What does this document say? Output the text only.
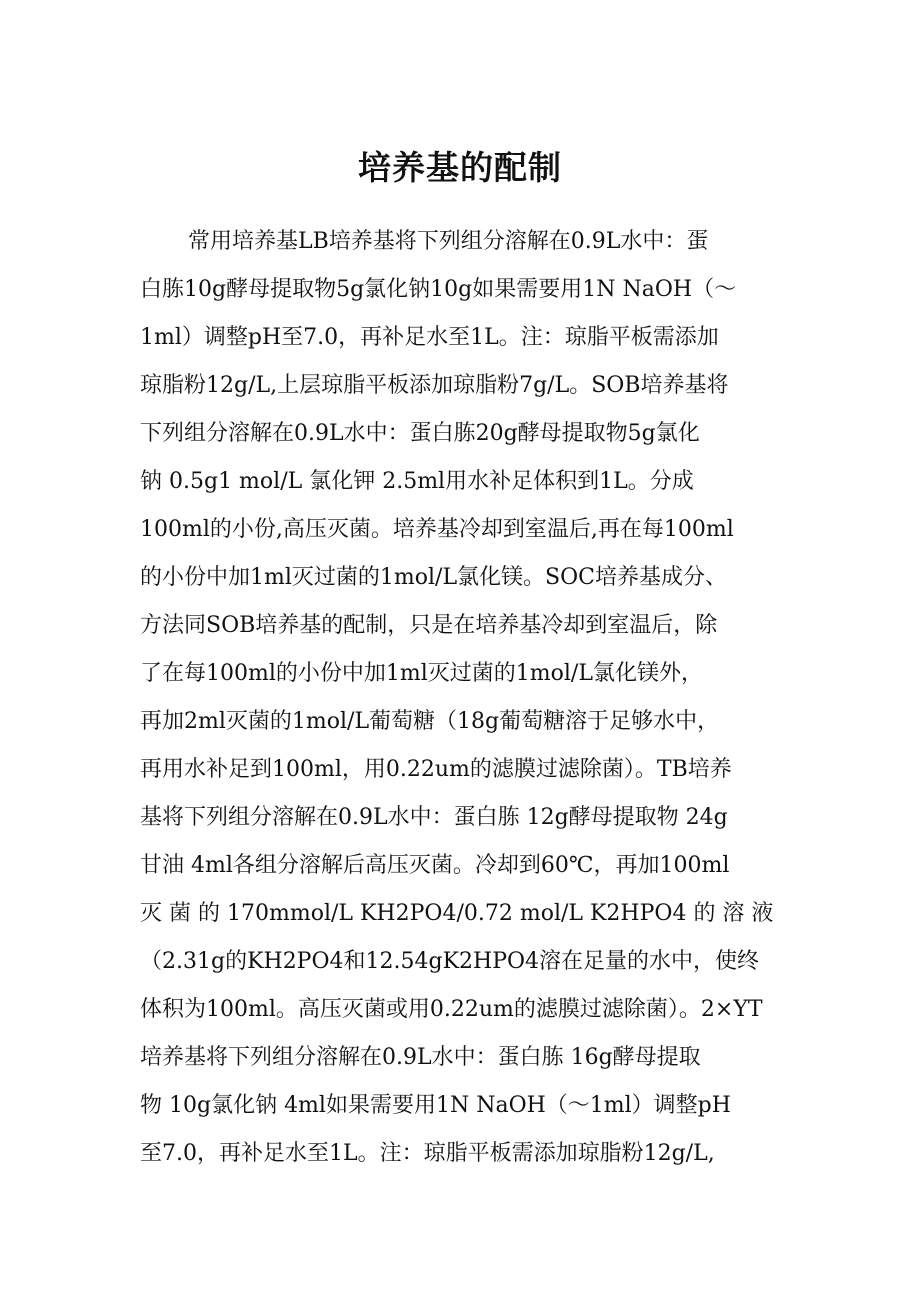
培养基的配制
常用培养基LB培养基将下列组分溶解在0.9L水中：蛋
白胨10g酵母提取物5g氯化钠10g如果需要用1N NaOH（～
1ml）调整pH至7.0，再补足水至1L。注：琼脂平板需添加
琼脂粉12g/L,上层琼脂平板添加琼脂粉7g/L。SOB培养基将
下列组分溶解在0.9L水中：蛋白胨20g酵母提取物5g氯化
钠 0.5g1 mol/L 氯化钾 2.5ml用水补足体积到1L。分成
100ml的小份,高压灭菌。培养基冷却到室温后,再在每100ml
的小份中加1ml灭过菌的1mol/L氯化镁。SOC培养基成分、
方法同SOB培养基的配制，只是在培养基冷却到室温后，除
了在每100ml的小份中加1ml灭过菌的1mol/L氯化镁外，
再加2ml灭菌的1mol/L葡萄糖（18g葡萄糖溶于足够水中，
再用水补足到100ml，用0.22um的滤膜过滤除菌）。TB培养
基将下列组分溶解在0.9L水中：蛋白胨 12g酵母提取物 24g
甘油 4ml各组分溶解后高压灭菌。冷却到60℃，再加100ml
灭 菌 的 170mmol/L KH2PO4/0.72 mol/L K2HPO4 的 溶 液
（2.31g的KH2PO4和12.54gK2HPO4溶在足量的水中，使终
体积为100ml。高压灭菌或用0.22um的滤膜过滤除菌）。2×YT
培养基将下列组分溶解在0.9L水中：蛋白胨 16g酵母提取
物 10g氯化钠 4ml如果需要用1N NaOH（～1ml）调整pH
至7.0，再补足水至1L。注：琼脂平板需添加琼脂粉12g/L,
